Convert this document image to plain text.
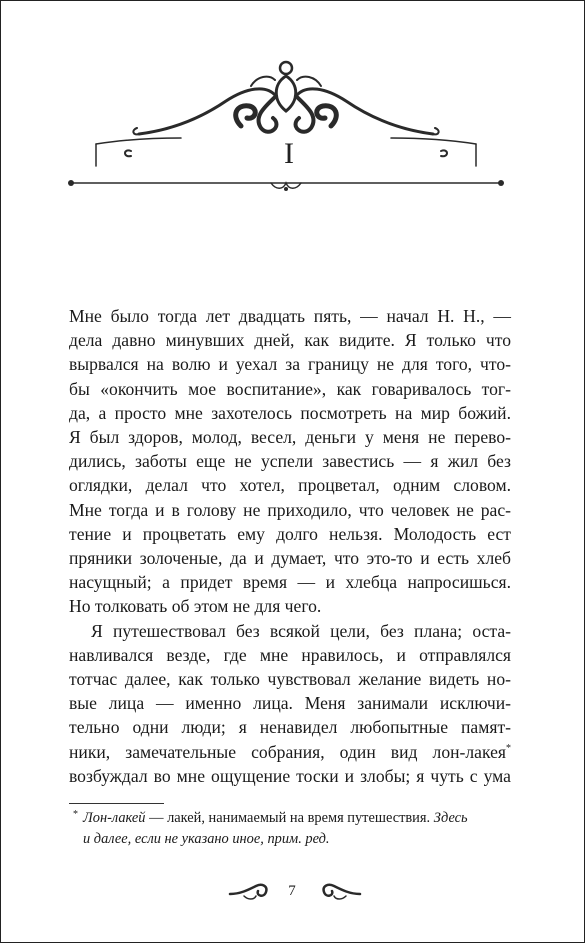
I

Мне было тогда лет двадцать пять, — начал Н. Н., —
дела давно минувших дней, как видите. Я только что
вырвался на волю и уехал за границу не для того, что-
бы «окончить мое воспитание», как говаривалось тог-
да, а просто мне захотелось посмотреть на мир божий.
Я был здоров, молод, весел, деньги у меня не перево-
дились, заботы еще не успели завестись — я жил без
оглядки, делал что хотел, процветал, одним словом.
Мне тогда и в голову не приходило, что человек не рас-
тение и процветать ему долго нельзя. Молодость ест
пряники золоченые, да и думает, что это-то и есть хлеб
насущный; а придет время — и хлебца напросишься.
Но толковать об этом не для чего.

Я путешествовал без всякой цели, без плана; оста-
навливался везде, где мне нравилось, и отправлялся
тотчас далее, как только чувствовал желание видеть но-
вые лица — именно лица. Меня занимали исключи-
тельно одни люди; я ненавидел любопытные памят-
ники, замечательные собрания, один вид лон-лакея*
возбуждал во мне ощущение тоски и злобы; я чуть с ума

* Лон-лакей — лакей, нанимаемый на время путешествия. Здесь
и далее, если не указано иное, прим. ред.
7
